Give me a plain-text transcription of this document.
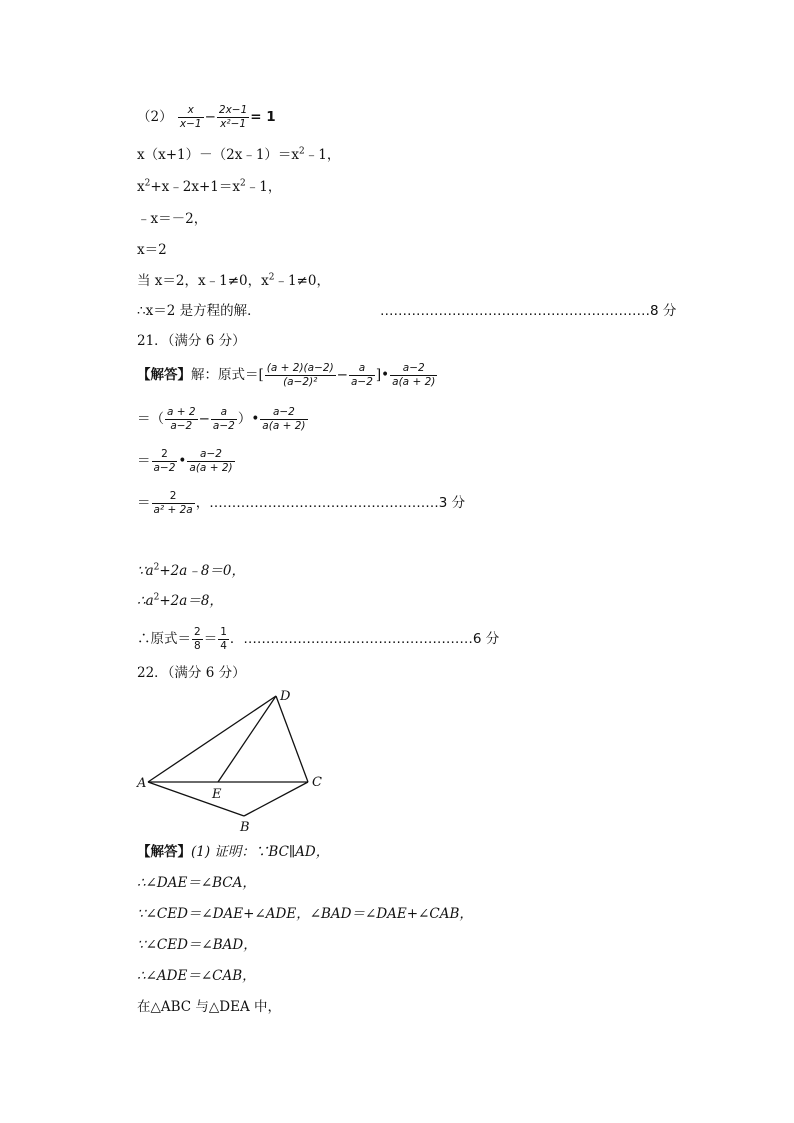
$(2) \frac{x}{x-1} - \frac{2x-1}{\text{x²−1}} = 1$
$x(x+1)-(2x﹣1)=x^2﹣1$，
$x^2+x﹣2x+1=x^2﹣1$，
﹣x＝－2，
x＝2
当 x＝2，x﹣1≠0，$x^2﹣1\ne 0$，
∴x＝2 是方程的解．	……………………………………………………8 分
21．（满分 6 分）
【解答】解：原式＝[ $\frac{(a + 2)(a-2)}{\text{(a−2)²}} - \frac{a}{a-2}$ ]• $\frac{a-2}{a(a + 2)}$
＝（ $\frac{a + 2}{a-2} - \frac{a}{a-2}$ ）• $\frac{a-2}{a(a + 2)}$
＝ $\frac{2}{a-2}$ • $\frac{a-2}{a(a + 2)}$
＝ $\frac{2}{\text{a² + 2a}}$ ，……………………………………………3 分
$\because a^2+2a﹣8=0$，
$\therefore a^2+2a=8$，
∴原式＝ $\frac{2}{8} = \frac{1}{4}$ ．……………………………………………6 分
22．（满分 6 分）
D
A
E
C
B
【解答】(1) 证明：∵BC∥AD，
∴∠DAE＝∠BCA，
∵∠CED＝∠DAE+∠ADE，∠BAD＝∠DAE+∠CAB，
∵∠CED＝∠BAD，
∴∠ADE＝∠CAB，
在△ABC 与△DEA 中，
